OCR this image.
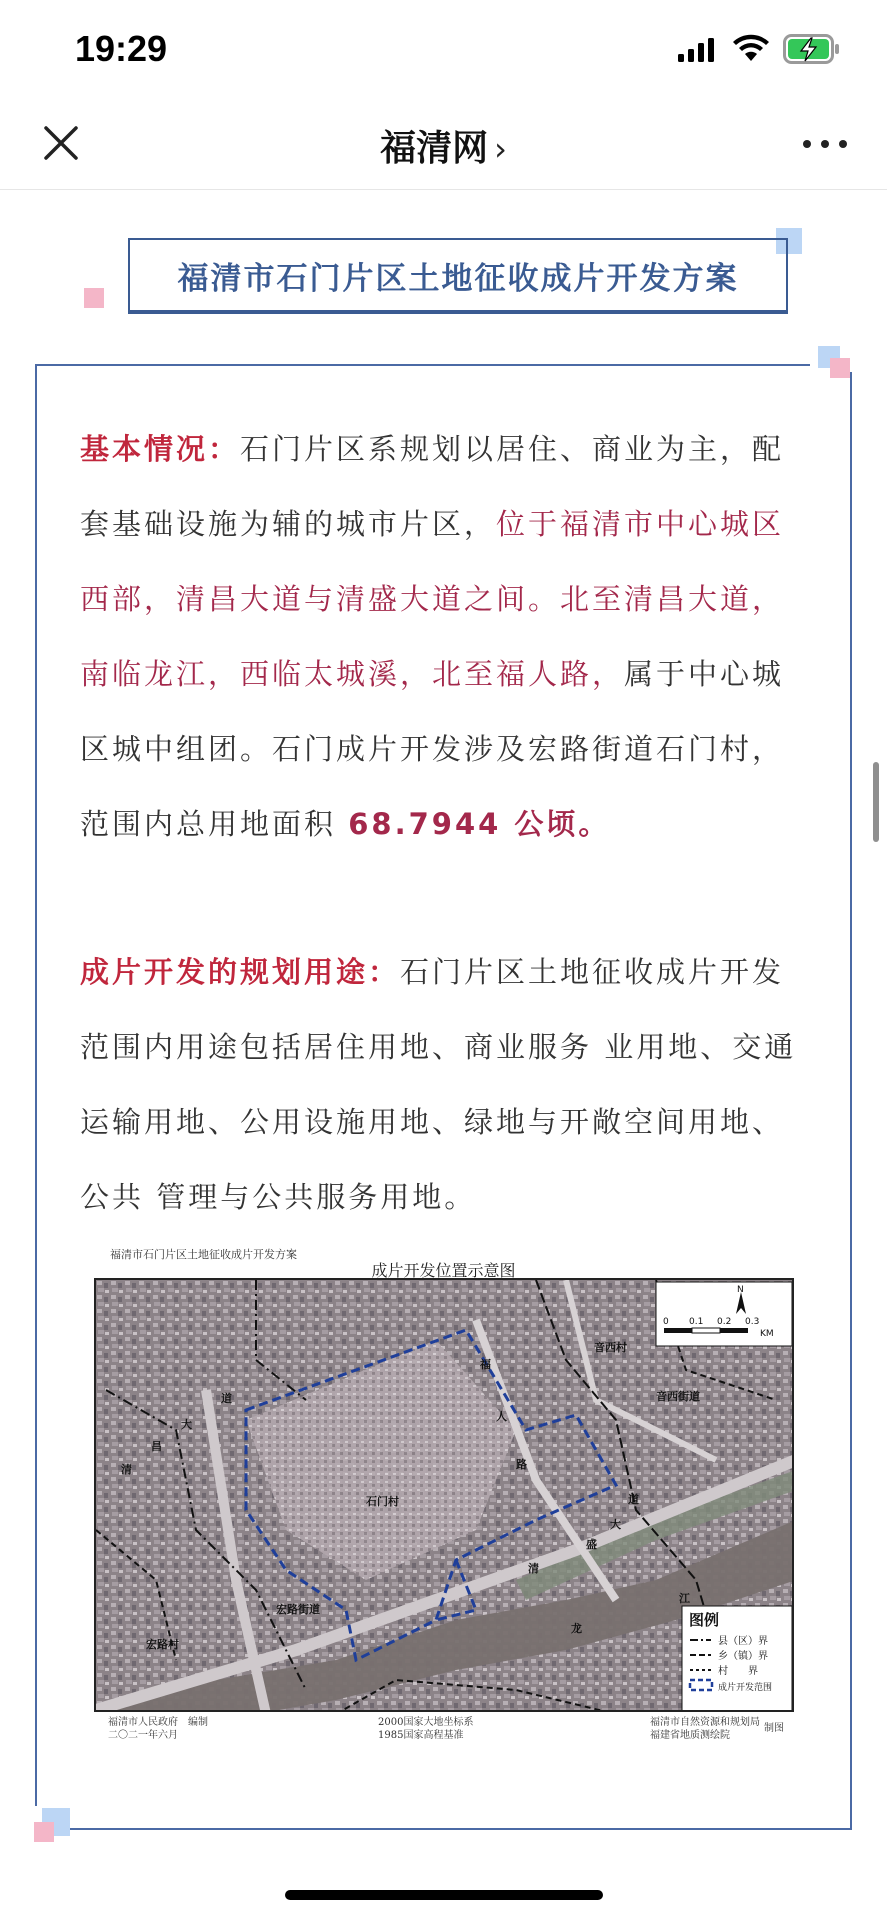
19:29
福清网 ›
福清市石门片区土地征收成片开发方案
基本情况：石门片区系规划以居住、商业为主，配套基础设施为辅的城市片区，位于福清市中心城区西部，清昌大道与清盛大道之间。北至清昌大道，南临龙江，西临太城溪，北至福人路，属于中心城区城中组团。石门成片开发涉及宏路街道石门村，范围内总用地面积 68.7944 公顷。
成片开发的规划用途：石门片区土地征收成片开发范围内用途包括居住用地、商业服务 业用地、交通运输用地、公用设施用地、绿地与开敞空间用地、公共 管理与公共服务用地。
福清市石门片区土地征收成片开发方案
成片开发位置示意图
石门村
音西村
音西街道
宏路街道
宏路村
福
人
路
道
大
盛
清
江
龙
清
昌
大
道
N
0 0.1 0.2 0.3
KM
图例
县（区）界
乡（镇）界
村　　界
成片开发范围
福清市人民政府　编制
二〇二一年六月
2000国家大地坐标系
1985国家高程基准
福清市自然资源和规划局
福建省地质测绘院
制图
